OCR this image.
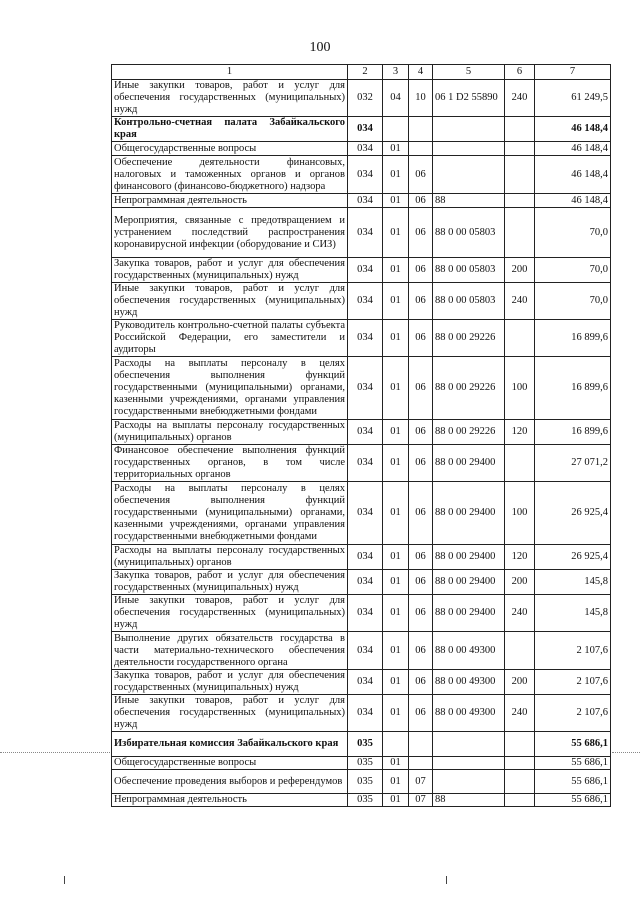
100
1	2	3	4	5	6	7
Иные закупки товаров, работ и услуг для обеспечения государственных (муниципальных) нужд	032	04	10	06 1 D2 55890	240	61 249,5
Контрольно-счетная палата Забайкальского края	034					46 148,4
Общегосударственные вопросы	034	01				46 148,4
Обеспечение деятельности финансовых, налоговых и таможенных органов и органов финансового (финансово-бюджетного) надзора	034	01	06			46 148,4
Непрограммная деятельность	034	01	06	88		46 148,4
Мероприятия, связанные с предотвращением и устранением последствий распространения коронавирусной инфекции (оборудование и СИЗ)	034	01	06	88 0 00 05803		70,0
Закупка товаров, работ и услуг для обеспечения государственных (муниципальных) нужд	034	01	06	88 0 00 05803	200	70,0
Иные закупки товаров, работ и услуг для обеспечения государственных (муниципальных) нужд	034	01	06	88 0 00 05803	240	70,0
Руководитель контрольно-счетной палаты субъекта Российской Федерации, его заместители и аудиторы	034	01	06	88 0 00 29226		16 899,6
Расходы на выплаты персоналу в целях обеспечения выполнения функций государственными (муниципальными) органами, казенными учреждениями, органами управления государственными внебюджетными фондами	034	01	06	88 0 00 29226	100	16 899,6
Расходы на выплаты персоналу государственных (муниципальных) органов	034	01	06	88 0 00 29226	120	16 899,6
Финансовое обеспечение выполнения функций государственных органов, в том числе территориальных органов	034	01	06	88 0 00 29400		27 071,2
Расходы на выплаты персоналу в целях обеспечения выполнения функций государственными (муниципальными) органами, казенными учреждениями, органами управления государственными внебюджетными фондами	034	01	06	88 0 00 29400	100	26 925,4
Расходы на выплаты персоналу государственных (муниципальных) органов	034	01	06	88 0 00 29400	120	26 925,4
Закупка товаров, работ и услуг для обеспечения государственных (муниципальных) нужд	034	01	06	88 0 00 29400	200	145,8
Иные закупки товаров, работ и услуг для обеспечения государственных (муниципальных) нужд	034	01	06	88 0 00 29400	240	145,8
Выполнение других обязательств государства в части материально-технического обеспечения деятельности государственного органа	034	01	06	88 0 00 49300		2 107,6
Закупка товаров, работ и услуг для обеспечения государственных (муниципальных) нужд	034	01	06	88 0 00 49300	200	2 107,6
Иные закупки товаров, работ и услуг для обеспечения государственных (муниципальных) нужд	034	01	06	88 0 00 49300	240	2 107,6
Избирательная комиссия Забайкальского края	035					55 686,1
Общегосударственные вопросы	035	01				55 686,1
Обеспечение проведения выборов и референдумов	035	01	07			55 686,1
Непрограммная деятельность	035	01	07	88		55 686,1
